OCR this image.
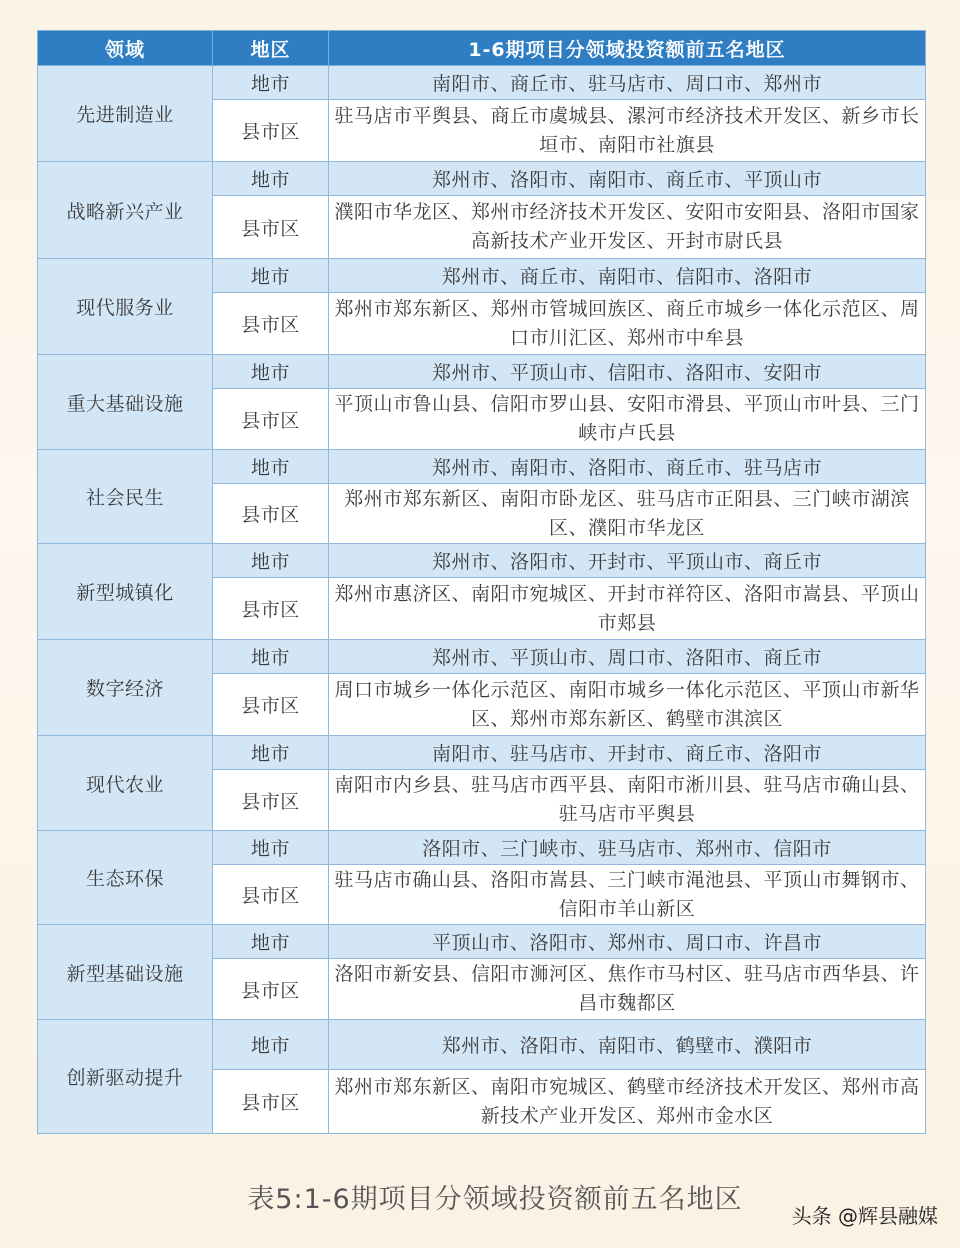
领域	地区	1-6期项目分领域投资额前五名地区
先进制造业	地市	南阳市、商丘市、驻马店市、周口市、郑州市
	县市区	驻马店市平舆县、商丘市虞城县、漯河市经济技术开发区、新乡市长垣市、南阳市社旗县
战略新兴产业	地市	郑州市、洛阳市、南阳市、商丘市、平顶山市
	县市区	濮阳市华龙区、郑州市经济技术开发区、安阳市安阳县、洛阳市国家高新技术产业开发区、开封市尉氏县
现代服务业	地市	郑州市、商丘市、南阳市、信阳市、洛阳市
	县市区	郑州市郑东新区、郑州市管城回族区、商丘市城乡一体化示范区、周口市川汇区、郑州市中牟县
重大基础设施	地市	郑州市、平顶山市、信阳市、洛阳市、安阳市
	县市区	平顶山市鲁山县、信阳市罗山县、安阳市滑县、平顶山市叶县、三门峡市卢氏县
社会民生	地市	郑州市、南阳市、洛阳市、商丘市、驻马店市
	县市区	郑州市郑东新区、南阳市卧龙区、驻马店市正阳县、三门峡市湖滨区、濮阳市华龙区
新型城镇化	地市	郑州市、洛阳市、开封市、平顶山市、商丘市
	县市区	郑州市惠济区、南阳市宛城区、开封市祥符区、洛阳市嵩县、平顶山市郏县
数字经济	地市	郑州市、平顶山市、周口市、洛阳市、商丘市
	县市区	周口市城乡一体化示范区、南阳市城乡一体化示范区、平顶山市新华区、郑州市郑东新区、鹤壁市淇滨区
现代农业	地市	南阳市、驻马店市、开封市、商丘市、洛阳市
	县市区	南阳市内乡县、驻马店市西平县、南阳市淅川县、驻马店市确山县、驻马店市平舆县
生态环保	地市	洛阳市、三门峡市、驻马店市、郑州市、信阳市
	县市区	驻马店市确山县、洛阳市嵩县、三门峡市渑池县、平顶山市舞钢市、信阳市羊山新区
新型基础设施	地市	平顶山市、洛阳市、郑州市、周口市、许昌市
	县市区	洛阳市新安县、信阳市浉河区、焦作市马村区、驻马店市西华县、许昌市魏都区
创新驱动提升	地市	郑州市、洛阳市、南阳市、鹤壁市、濮阳市
	县市区	郑州市郑东新区、南阳市宛城区、鹤壁市经济技术开发区、郑州市高新技术产业开发区、郑州市金水区
表5:1-6期项目分领域投资额前五名地区
头条 @辉县融媒
